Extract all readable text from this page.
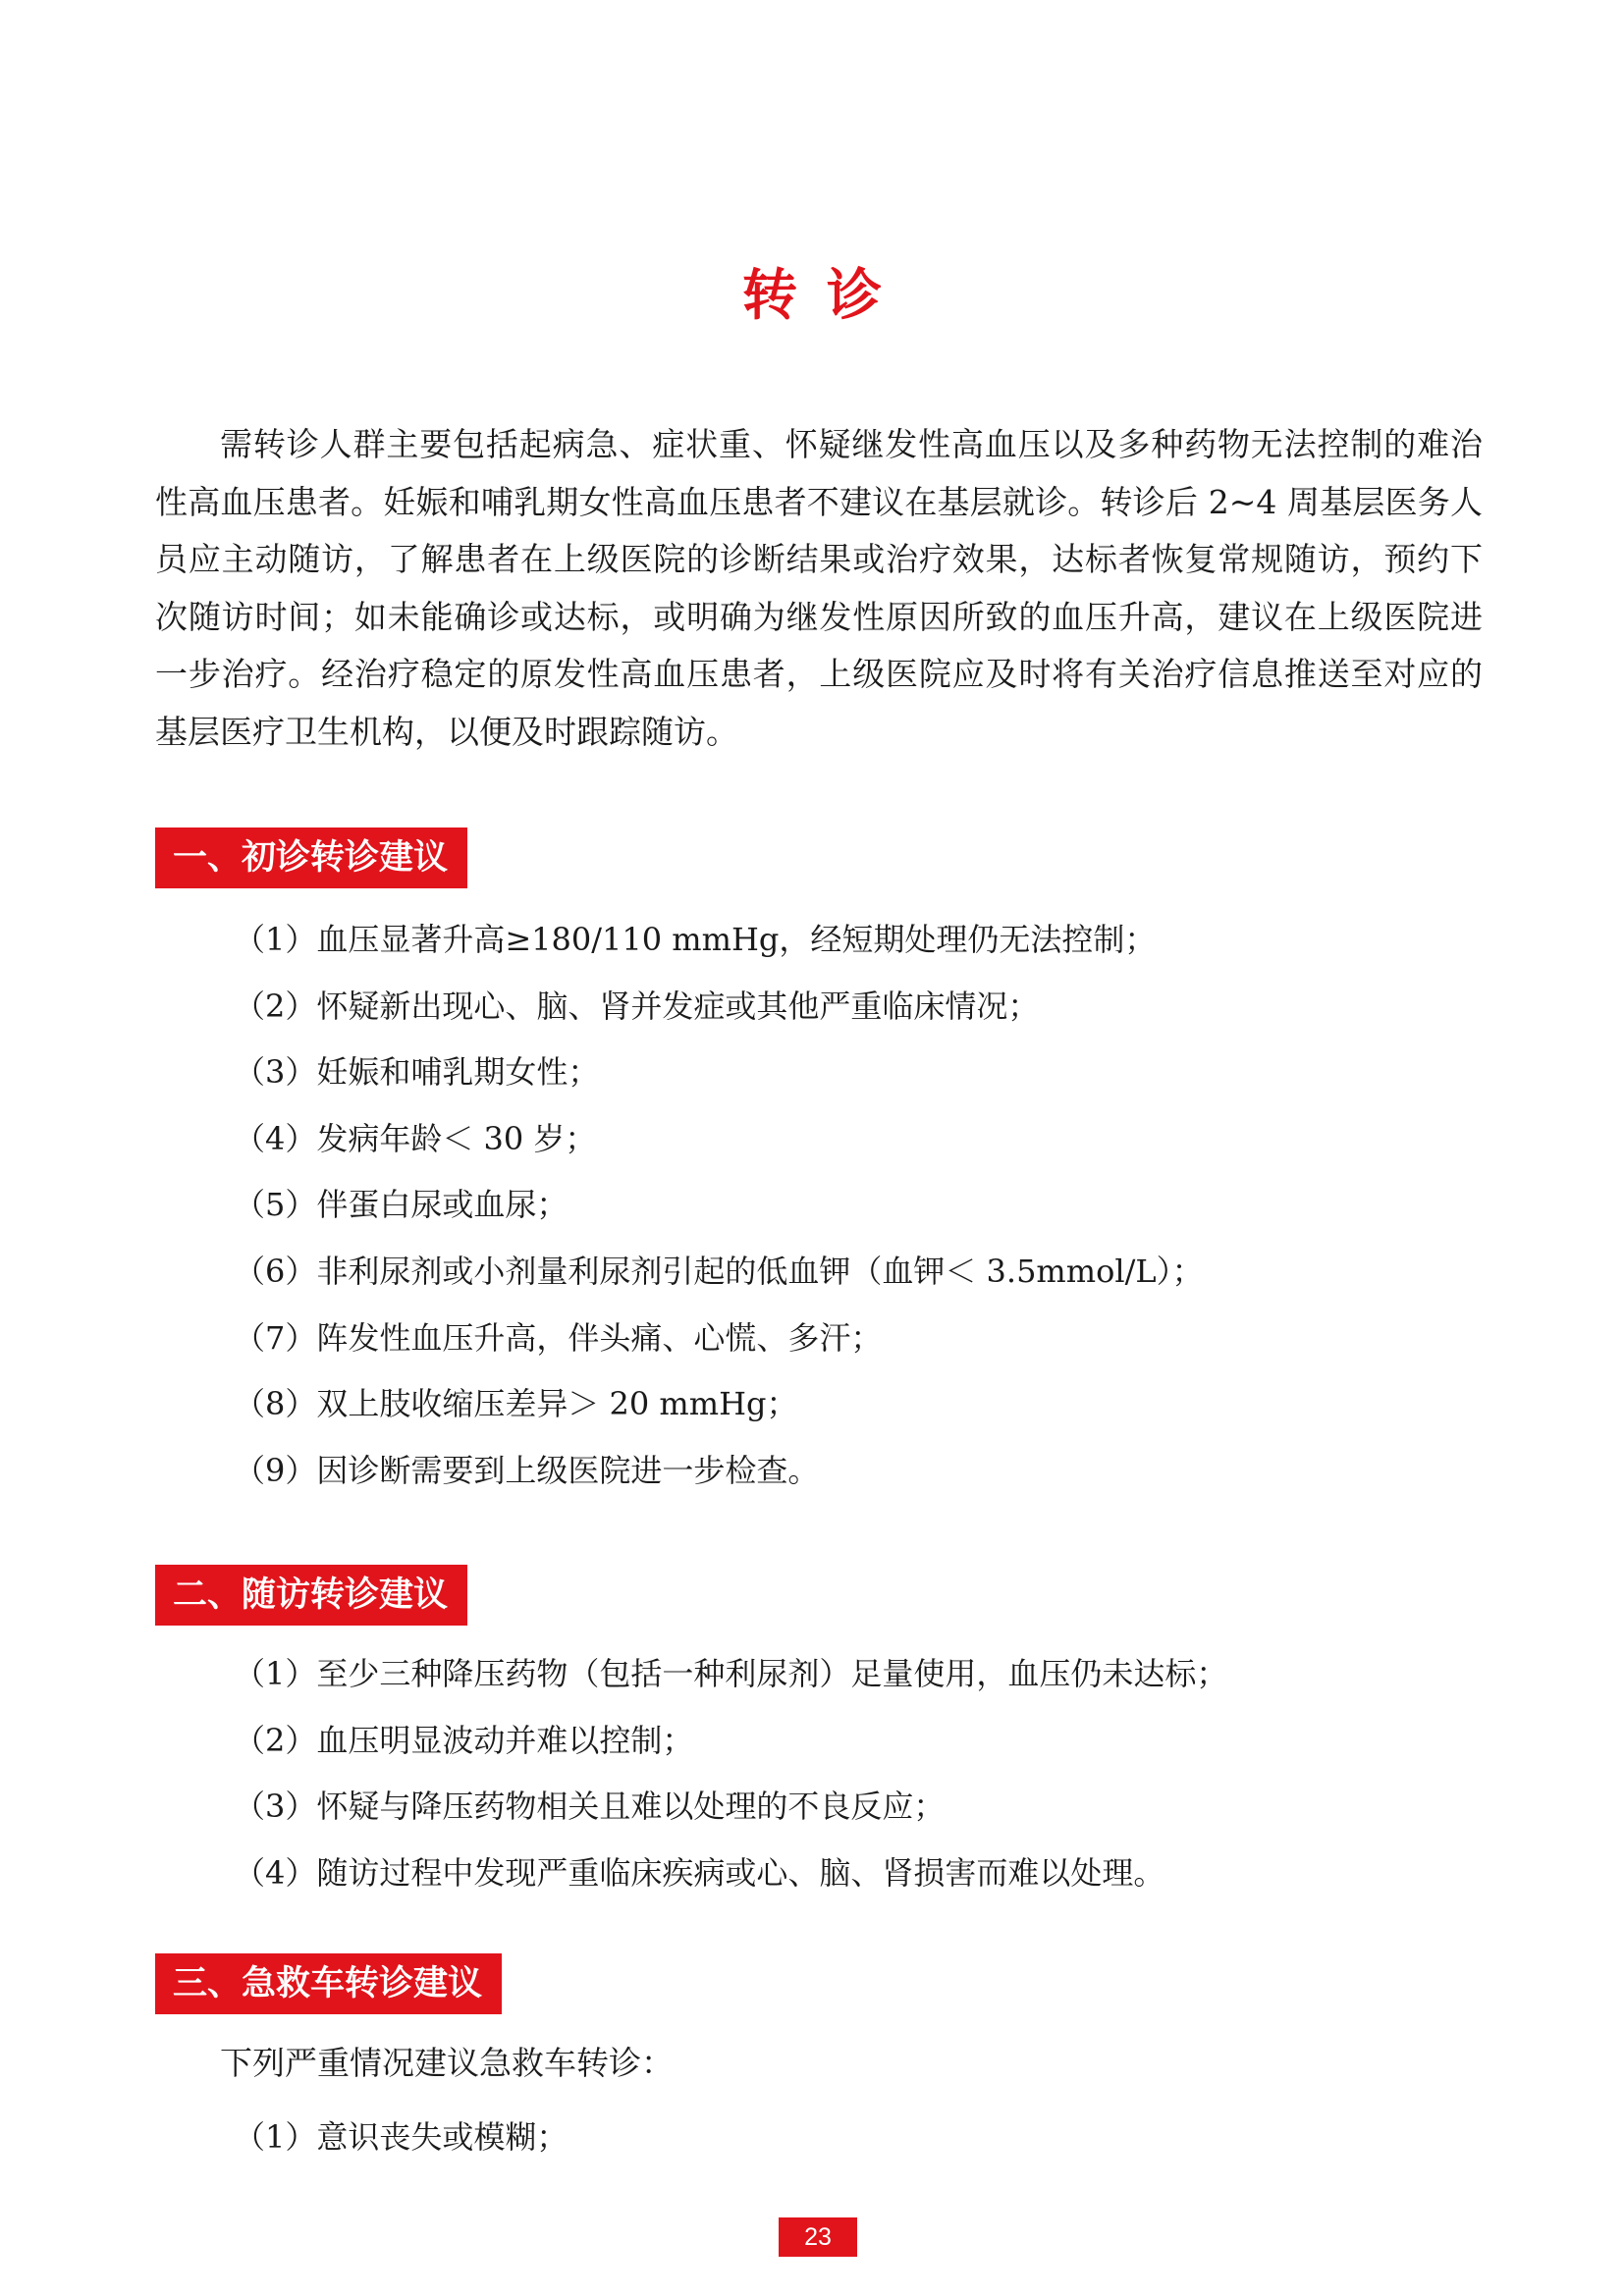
转诊

需转诊人群主要包括起病急、症状重、怀疑继发性高血压以及多种药物无法控制的难治性高血压患者。妊娠和哺乳期女性高血压患者不建议在基层就诊。转诊后 2~4 周基层医务人员应主动随访，了解患者在上级医院的诊断结果或治疗效果，达标者恢复常规随访，预约下次随访时间；如未能确诊或达标，或明确为继发性原因所致的血压升高，建议在上级医院进一步治疗。经治疗稳定的原发性高血压患者，上级医院应及时将有关治疗信息推送至对应的基层医疗卫生机构，以便及时跟踪随访。

一、初诊转诊建议
（1）血压显著升高≥180/110 mmHg，经短期处理仍无法控制；
（2）怀疑新出现心、脑、肾并发症或其他严重临床情况；
（3）妊娠和哺乳期女性；
（4）发病年龄＜ 30 岁；
（5）伴蛋白尿或血尿；
（6）非利尿剂或小剂量利尿剂引起的低血钾（血钾＜ 3.5mmol/L）；
（7）阵发性血压升高，伴头痛、心慌、多汗；
（8）双上肢收缩压差异＞ 20 mmHg；
（9）因诊断需要到上级医院进一步检查。
二、随访转诊建议
（1）至少三种降压药物（包括一种利尿剂）足量使用，血压仍未达标；
（2）血压明显波动并难以控制；
（3）怀疑与降压药物相关且难以处理的不良反应；
（4）随访过程中发现严重临床疾病或心、脑、肾损害而难以处理。
三、急救车转诊建议

下列严重情况建议急救车转诊：

（1）意识丧失或模糊；
23
